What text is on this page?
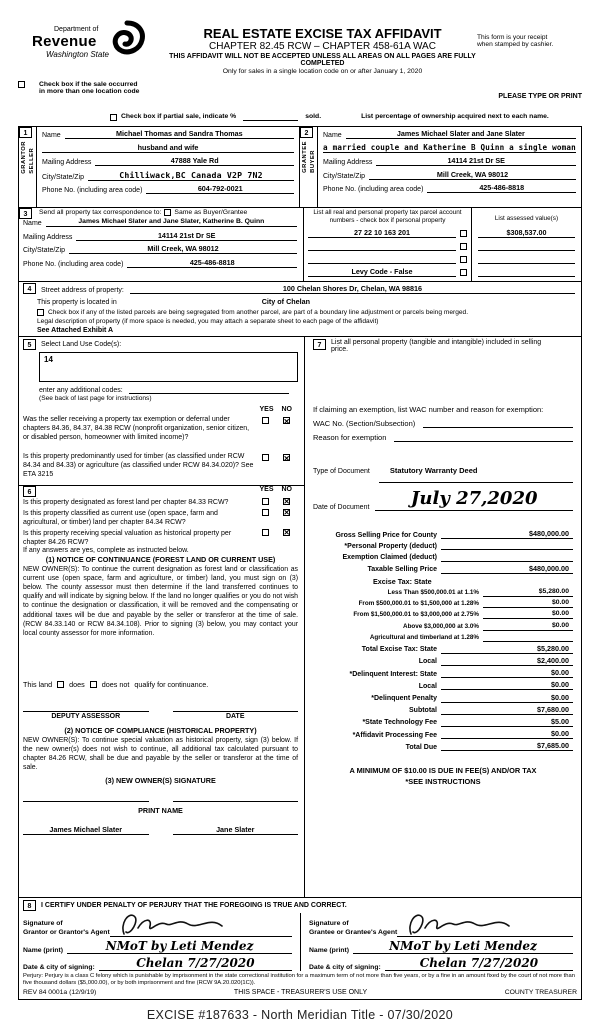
Department of
Revenue
Washington State
REAL ESTATE EXCISE TAX AFFIDAVIT
CHAPTER 82.45 RCW – CHAPTER 458-61A WAC
THIS AFFIDAVIT WILL NOT BE ACCEPTED UNLESS ALL AREAS ON ALL PAGES ARE FULLY COMPLETED
Only for sales in a single location code on or after January 1, 2020
This form is your receipt
when stamped by cashier.
Check box if the sale occurred
in more than one location code
PLEASE TYPE OR PRINT
Check box if partial sale, indicate %	sold.	List percentage of ownership acquired next to each name.
1
GRANTOR SELLER
Name	Michael Thomas and Sandra Thomas
husband and wife
Mailing Address	47888 Yale Rd
City/State/Zip	Chilliwack,BC Canada V2P 7N2
Phone No. (including area code)	604-792-0021
2
GRANTEE BUYER
Name	James Michael Slater and Jane Slater
a married couple and Katherine B Quinn a single woman
Mailing Address	14114 21st Dr SE
City/State/Zip	Mill Creek, WA 98012
Phone No. (including area code)	425-486-8818
3	Send all property tax correspondence to: Same as Buyer/Grantee
Name	James Michael Slater and Jane Slater, Katherine B. Quinn
Mailing Address	14114 21st Dr SE
City/State/Zip	Mill Creek, WA 98012
Phone No. (including area code)	425-486-8818
List all real and personal property tax parcel account numbers - check box if personal property
27 22 10 163 201
Levy Code - False
List assessed value(s)
$308,537.00
4	Street address of property:	100 Chelan Shores Dr, Chelan, WA 98816
This property is located in	City of Chelan
Check box if any of the listed parcels are being segregated from another parcel, are part of a boundary line adjustment or parcels being merged.
Legal description of property (if more space is needed, you may attach a separate sheet to each page of the affidavit)
See Attached Exhibit A
5	Select Land Use Code(s):
14
enter any additional codes:
(See back of last page for instructions)
YES NO
Was the seller receiving a property tax exemption or deferral under chapters 84.36, 84.37, 84.38 RCW (nonprofit organization, senior citizen, or disabled person, homeowner with limited income)?
✕
Is this property predominantly used for timber (as classified under RCW 84.34 and 84.33) or agriculture (as classified under RCW 84.34.020)? See ETA 3215
✕
6	YES NO
Is this property designated as forest land per chapter 84.33 RCW?
✕
Is this property classified as current use (open space, farm and agricultural, or timber) land per chapter 84.34 RCW?
✕
Is this property receiving special valuation as historical property per chapter 84.26 RCW?
✕
If any answers are yes, complete as instructed below.
(1) NOTICE OF CONTINUANCE (FOREST LAND OR CURRENT USE)
NEW OWNER(S): To continue the current designation as forest land or classification as current use (open space, farm and agriculture, or timber) land, you must sign on (3) below. The county assessor must then determine if the land transferred continues to qualify and will indicate by signing below. If the land no longer qualifies or you do not wish to continue the designation or classification, it will be removed and the compensating or additional taxes will be due and payable by the seller or transferor at the time of sale. (RCW 84.33.140 or RCW 84.34.108). Prior to signing (3) below, you may contact your local county assessor for more information.
This land does does not qualify for continuance.
DEPUTY ASSESSOR	DATE
(2) NOTICE OF COMPLIANCE (HISTORICAL PROPERTY)
NEW OWNER(S): To continue special valuation as historical property, sign (3) below. If the new owner(s) does not wish to continue, all additional tax calculated pursuant to chapter 84.26 RCW, shall be due and payable by the seller or transferor at the time of sale.
(3) NEW OWNER(S) SIGNATURE
PRINT NAME
James Michael Slater	Jane Slater
7	List all personal property (tangible and intangible) included in selling price.
If claiming an exemption, list WAC number and reason for exemption:
WAC No. (Section/Subsection)
Reason for exemption
Type of Document	Statutory Warranty Deed
Date of Document	July 27,2020
Gross Selling Price for County	$480,000.00
*Personal Property (deduct)
Exemption Claimed (deduct)
Taxable Selling Price	$480,000.00
Excise Tax: State
Less Than $500,000.01 at 1.1%	$5,280.00
From $500,000.01 to $1,500,000 at 1.28%	$0.00
From $1,500,000.01 to $3,000,000 at 2.75%	$0.00
Above $3,000,000 at 3.0%	$0.00
Agricultural and timberland at 1.28%
Total Excise Tax: State	$5,280.00
Local	$2,400.00
*Delinquent Interest: State	$0.00
Local	$0.00
*Delinquent Penalty	$0.00
Subtotal	$7,680.00
*State Technology Fee	$5.00
*Affidavit Processing Fee	$0.00
Total Due	$7,685.00
A MINIMUM OF $10.00 IS DUE IN FEE(S) AND/OR TAX
*SEE INSTRUCTIONS
8	I CERTIFY UNDER PENALTY OF PERJURY THAT THE FOREGOING IS TRUE AND CORRECT.
Signature of
Grantor or Grantor's Agent
Name (print)	NMoT by Leti Mendez
Date & city of signing:	Chelan 7/27/2020
Signature of
Grantee or Grantee's Agent
Name (print)	NMoT by Leti Mendez
Date & city of signing:	Chelan 7/27/2020
Perjury: Perjury is a class C felony which is punishable by imprisonment in the state correctional institution for a maximum term of not more than five years, or by a fine in an amount fixed by the court of not more than five thousand dollars ($5,000.00), or by both imprisonment and fine (RCW 9A.20.020(1C)).
REV 84 0001a (12/9/19)	THIS SPACE - TREASURER'S USE ONLY	COUNTY TREASURER
EXCISE #187633 - North Meridian Title - 07/30/2020
